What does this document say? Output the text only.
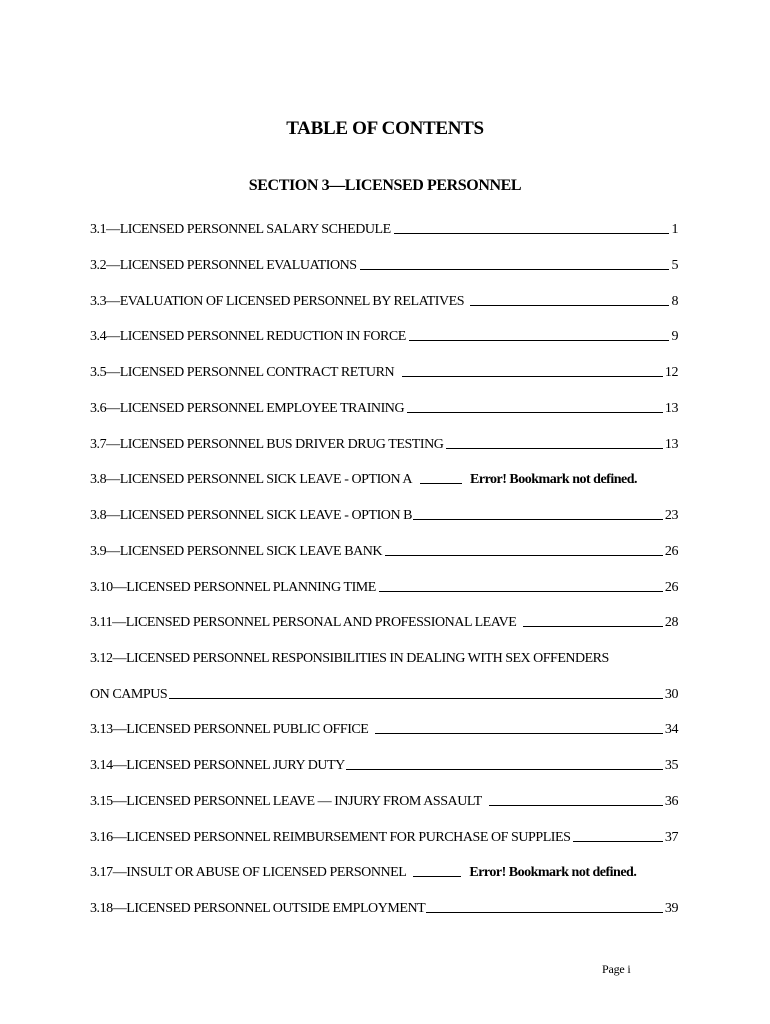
TABLE OF CONTENTS
SECTION 3—LICENSED PERSONNEL
3.1—LICENSED PERSONNEL SALARY SCHEDULE	1
3.2—LICENSED PERSONNEL EVALUATIONS	5
3.3—EVALUATION OF LICENSED PERSONNEL BY RELATIVES	8
3.4—LICENSED PERSONNEL REDUCTION IN FORCE	9
3.5—LICENSED PERSONNEL CONTRACT RETURN	12
3.6—LICENSED PERSONNEL EMPLOYEE TRAINING	13
3.7—LICENSED PERSONNEL BUS DRIVER DRUG TESTING	13
3.8—LICENSED PERSONNEL SICK LEAVE - OPTION A	Error! Bookmark not defined.
3.8—LICENSED PERSONNEL SICK LEAVE - OPTION B	23
3.9—LICENSED PERSONNEL SICK LEAVE BANK	26
3.10—LICENSED PERSONNEL PLANNING TIME	26
3.11—LICENSED PERSONNEL PERSONAL AND PROFESSIONAL LEAVE	28
3.12—LICENSED PERSONNEL RESPONSIBILITIES IN DEALING WITH SEX OFFENDERS
ON CAMPUS	30
3.13—LICENSED PERSONNEL PUBLIC OFFICE	34
3.14—LICENSED PERSONNEL JURY DUTY	35
3.15—LICENSED PERSONNEL LEAVE — INJURY FROM ASSAULT	36
3.16—LICENSED PERSONNEL REIMBURSEMENT FOR PURCHASE OF SUPPLIES	37
3.17—INSULT OR ABUSE OF LICENSED PERSONNEL	Error! Bookmark not defined.
3.18—LICENSED PERSONNEL OUTSIDE EMPLOYMENT	39
Page i
